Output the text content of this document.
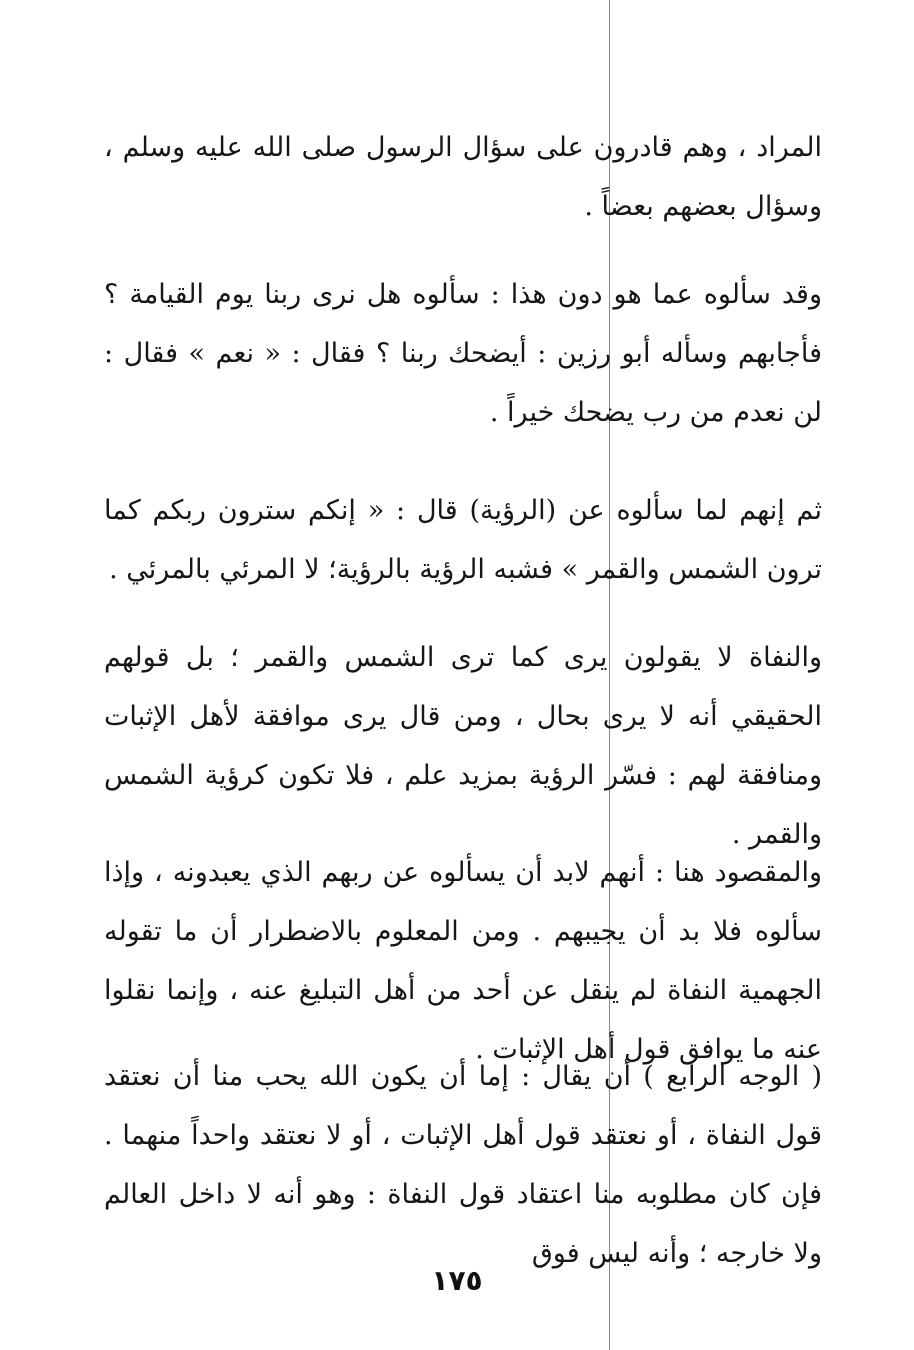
المراد ، وهم قادرون على سؤال الرسول صلى الله عليه وسلم ، وسؤال بعضهم بعضاً .

وقد سألوه عما هو دون هذا : سألوه هل نرى ربنا يوم القيامة ؟ فأجابهم وسأله أبو رزين : أيضحك ربنا ؟ فقال : « نعم » فقال : لن نعدم من رب يضحك خيراً .

ثم إنهم لما سألوه عن (الرؤية) قال : « إنكم سترون ربكم كما ترون الشمس والقمر » فشبه الرؤية بالرؤية؛ لا المرئي بالمرئي .

والنفاة لا يقولون يرى كما ترى الشمس والقمر ؛ بل قولهم الحقيقي أنه لا يرى بحال ، ومن قال يرى موافقة لأهل الإثبات ومنافقة لهم : فسّر الرؤية بمزيد علم ، فلا تكون كرؤية الشمس والقمر .

والمقصود هنا : أنهم لابد أن يسألوه عن ربهم الذي يعبدونه ، وإذا سألوه فلا بد أن يجيبهم . ومن المعلوم بالاضطرار أن ما تقوله الجهمية النفاة لم ينقل عن أحد من أهل التبليغ عنه ، وإنما نقلوا عنه ما يوافق قول أهل الإثبات .

( الوجه الرابع ) أن يقال : إما أن يكون الله يحب منا أن نعتقد قول النفاة ، أو نعتقد قول أهل الإثبات ، أو لا نعتقد واحداً منهما . فإن كان مطلوبه منا اعتقاد قول النفاة : وهو أنه لا داخل العالم ولا خارجه ؛ وأنه ليس فوق

١٧٥
